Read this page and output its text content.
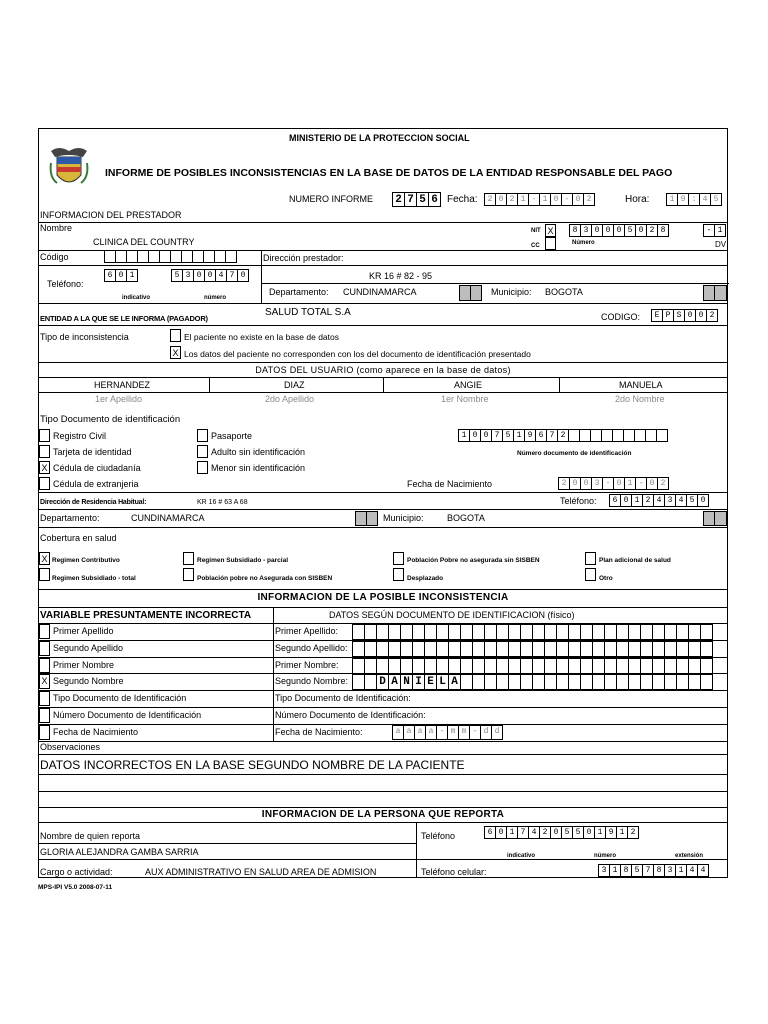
MINISTERIO DE LA PROTECCION SOCIAL
INFORME DE POSIBLES INCONSISTENCIAS EN LA BASE DE DATOS DE LA ENTIDAD RESPONSABLE DEL PAGO
NUMERO INFORME 2 7 5 6 Fecha:	2 0 2 1 - 1 0 - 0 2	Hora:	1 9 : 4 5
INFORMACION DEL PRESTADOR
Nombre
CLINICA DEL COUNTRY
NIT X
CC
8 3 0 0 0 5 0 2 8	- 1
Número	DV
Código	Dirección prestador:
Teléfono:
6 0 1	5 3 0 0 4 7 0
indicativo	número
KR 16 # 82 - 95
Departamento: CUNDINAMARCA	Municipio: BOGOTA
ENTIDAD A LA QUE SE LE INFORMA (PAGADOR)
SALUD TOTAL S.A	CODIGO:	E P S 0 0 2
Tipo de inconsistencia	El paciente no existe en la base de datos
X Los datos del paciente no corresponden con los del documento de identificación presentado
DATOS DEL USUARIO (como aparece en la base de datos)
HERNANDEZ	DIAZ	ANGIE	MANUELA
1er Apellido	2do Apellido	1er Nombre	2do Nombre
Tipo Documento de identificación
Registro Civil
Tarjeta de identidad
X Cédula de ciudadanía
Cédula de extranjeria
Pasaporte
Adulto sin identificación
Menor sin identificación
1 0 0 7 5 1 9 6 7 2
Número documento de identificación
Fecha de Nacimiento	2 0 0 3 - 0 1 - 0 2
Dirección de Residencia Habitual:	KR 16 # 63 A 68	Teléfono:	6 0 1 2 4 3 4 5 0
Departamento:	CUNDINAMARCA	Municipio:	BOGOTA
Cobertura en salud
X Regimen Contributivo
Regimen Subsidiado - total
Regimen Subsidiado - parcial
Población pobre no Asegurada con SISBEN
Población Pobre no asegurada sin SISBEN
Desplazado
Plan adicional de salud
Otro
INFORMACION DE LA POSIBLE INCONSISTENCIA
VARIABLE PRESUNTAMENTE INCORRECTA	DATOS SEGÚN DOCUMENTO DE IDENTIFICACION (físico)
Observaciones
DATOS INCORRECTOS EN LA BASE SEGUNDO NOMBRE DE LA PACIENTE
INFORMACION DE LA PERSONA QUE REPORTA
Nombre de quien reporta	Teléfono	6 0 1 7 4 2 0 5 5 0 1 9 1 2
indicativo	número	extensión
GLORIA ALEJANDRA GAMBA SARRIA
Cargo o actividad:	AUX ADMINISTRATIVO EN SALUD AREA DE ADMISION	Teléfono celular:	3 1 8 5 7 8 3 1 4 4
Primer Apellido	Primer Apellido:
Segundo Apellido	Segundo Apellido:
Primer Nombre	Primer Nombre:
X Segundo Nombre	Segundo Nombre:	D A N I E L A
Tipo Documento de Identificación	Tipo Documento de Identificación:
Número Documento de Identificación	Número Documento de Identificación:
Fecha de Nacimiento	Fecha de Nacimiento:	a a a a - m m - d d
MPS-IPI V5.0 2008-07-11
